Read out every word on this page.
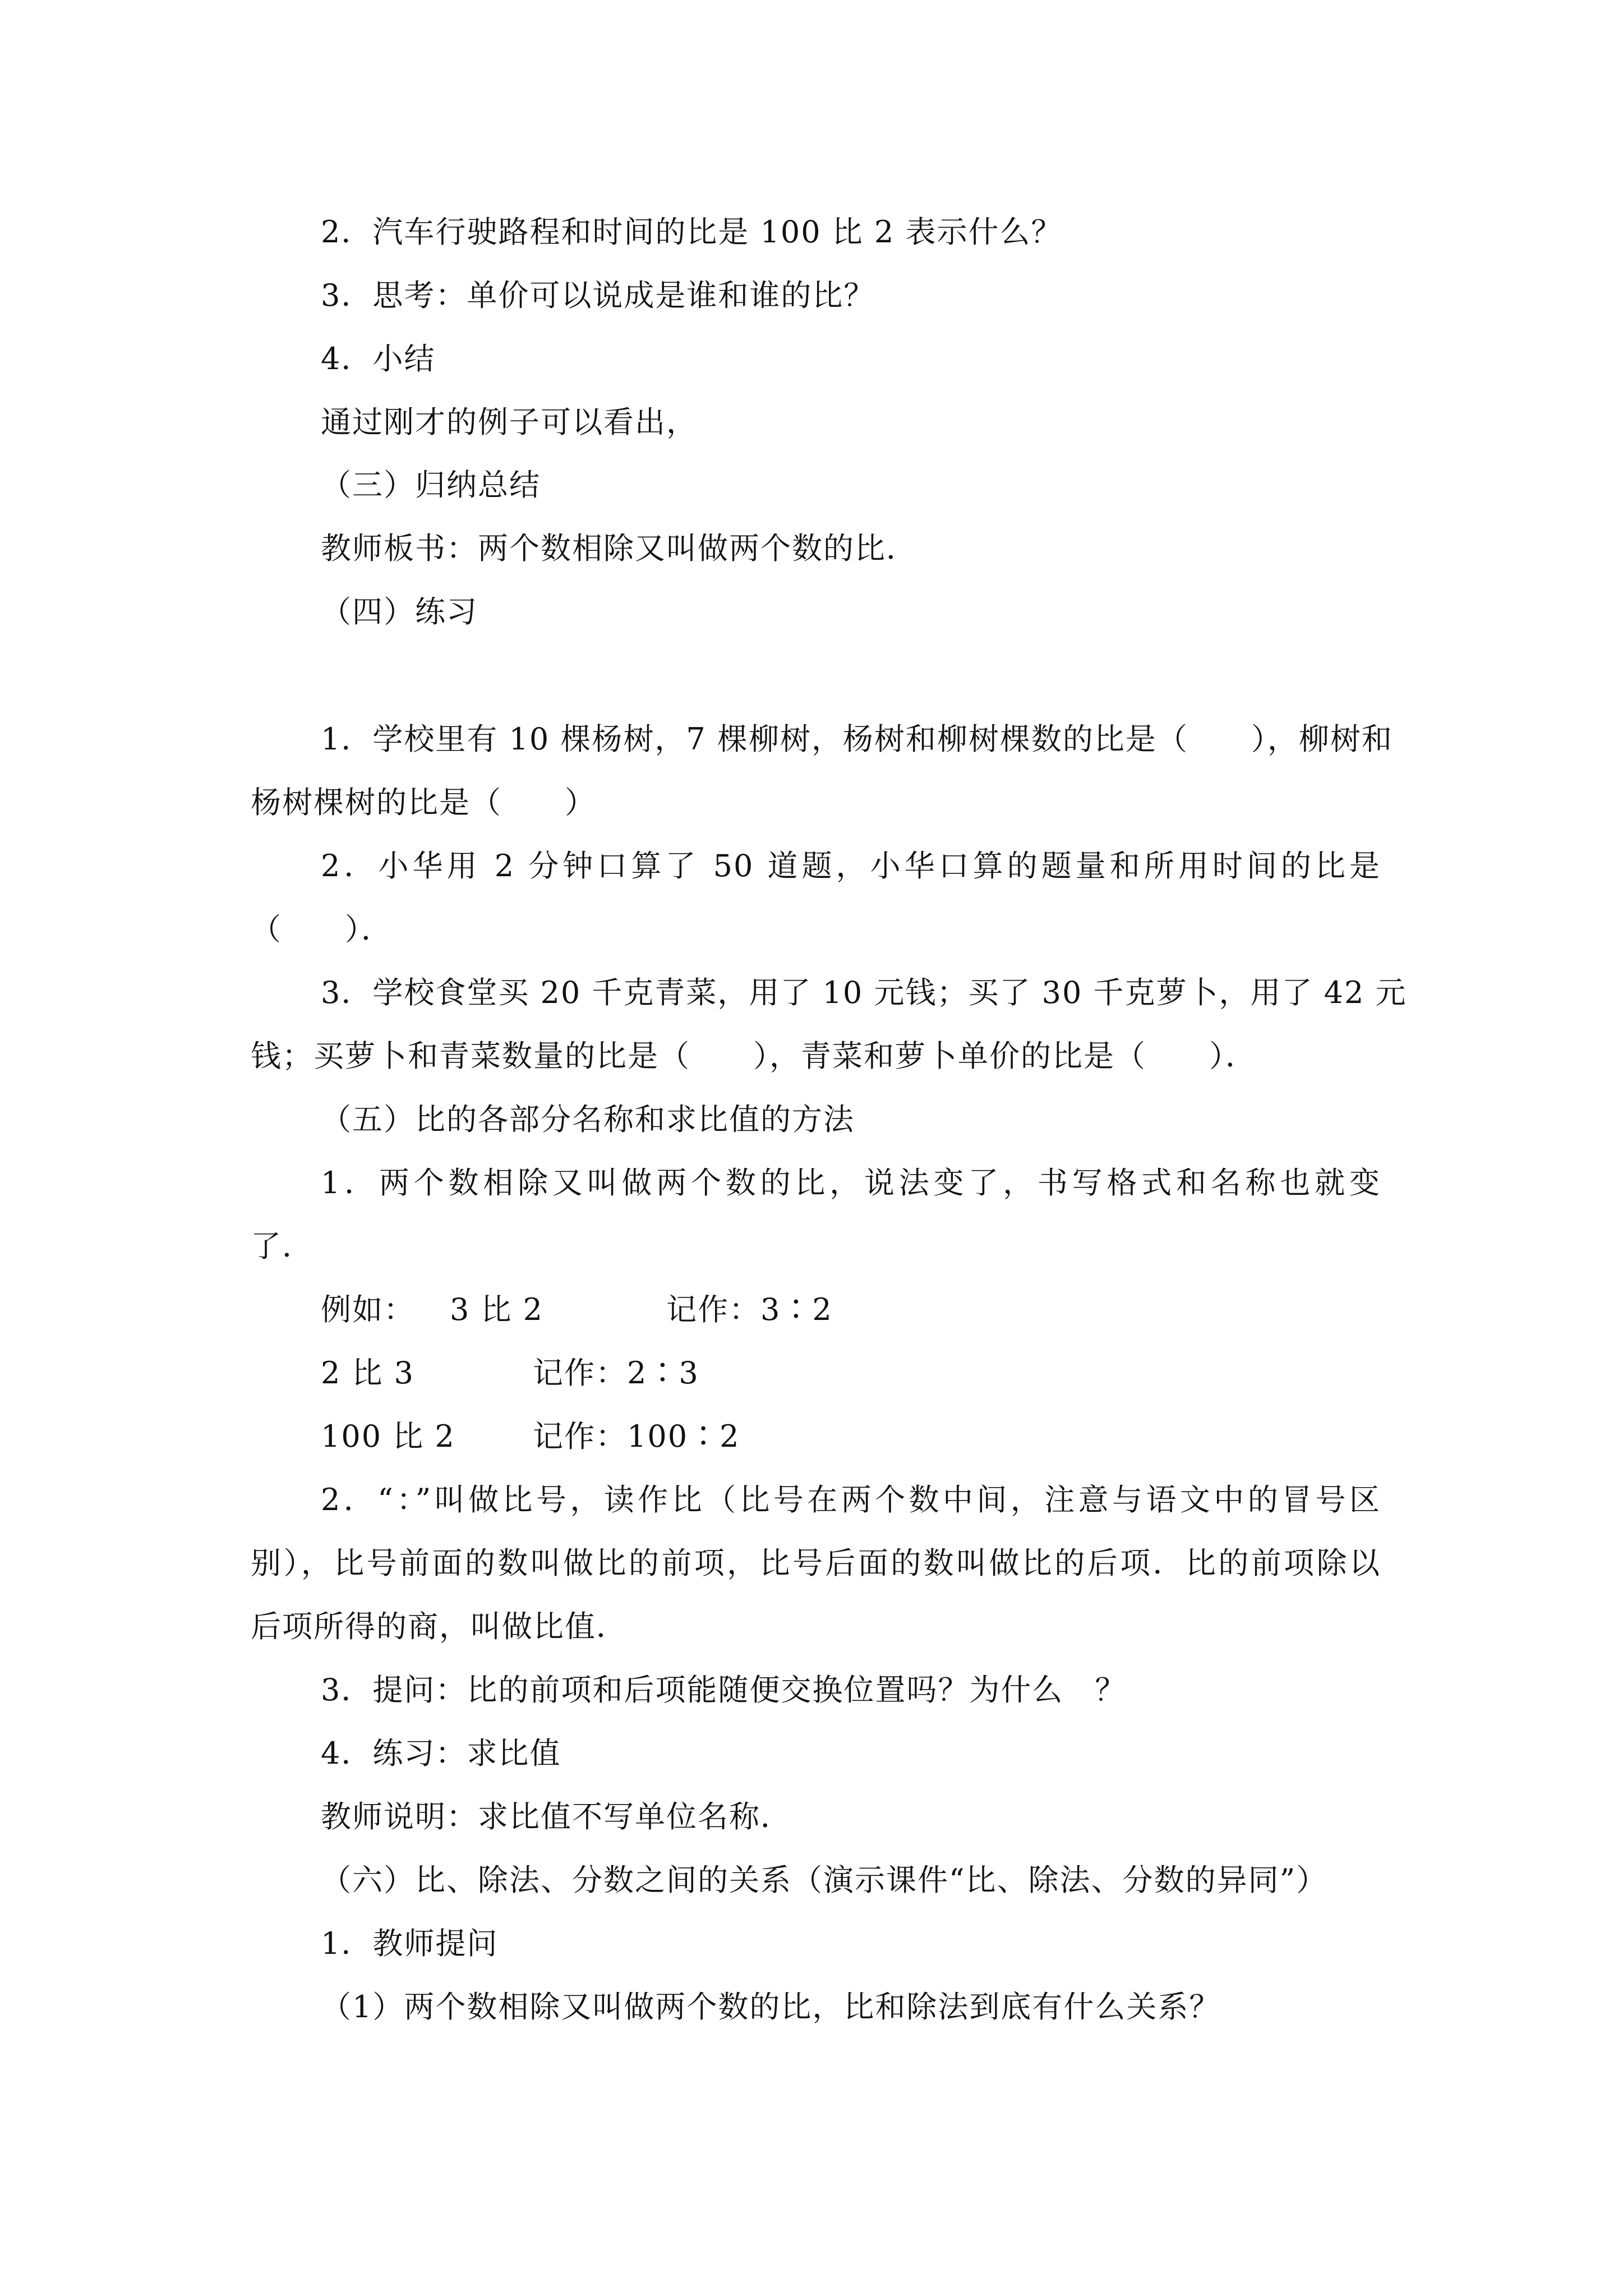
2．汽车行驶路程和时间的比是 100 比 2 表示什么？
3．思考：单价可以说成是谁和谁的比？
4．小结
通过刚才的例子可以看出，
（三）归纳总结
教师板书：两个数相除又叫做两个数的比．
（四）练习
1．学校里有 10 棵杨树，7 棵柳树，杨树和柳树棵数的比是（　　），柳树和
杨树棵树的比是（　　）
2．小华用 2 分钟口算了 50 道题，小华口算的题量和所用时间的比是
（　　）．
3．学校食堂买 20 千克青菜，用了 10 元钱；买了 30 千克萝卜，用了 42 元
钱；买萝卜和青菜数量的比是（　　），青菜和萝卜单价的比是（　　）．
（五）比的各部分名称和求比值的方法
1．两个数相除又叫做两个数的比，说法变了，书写格式和名称也就变
了．
例如： 3 比 2	记作：3∶2
2 比 3	记作：2∶3
100 比 2	记作：100∶2
2．“：”叫做比号，读作比（比号在两个数中间，注意与语文中的冒号区
别），比号前面的数叫做比的前项，比号后面的数叫做比的后项．比的前项除以
后项所得的商，叫做比值．
3．提问：比的前项和后项能随便交换位置吗？为什么　？
4．练习：求比值
教师说明：求比值不写单位名称．
（六）比、除法、分数之间的关系（演示课件“比、除法、分数的异同”）
1．教师提问
（1）两个数相除又叫做两个数的比，比和除法到底有什么关系？
